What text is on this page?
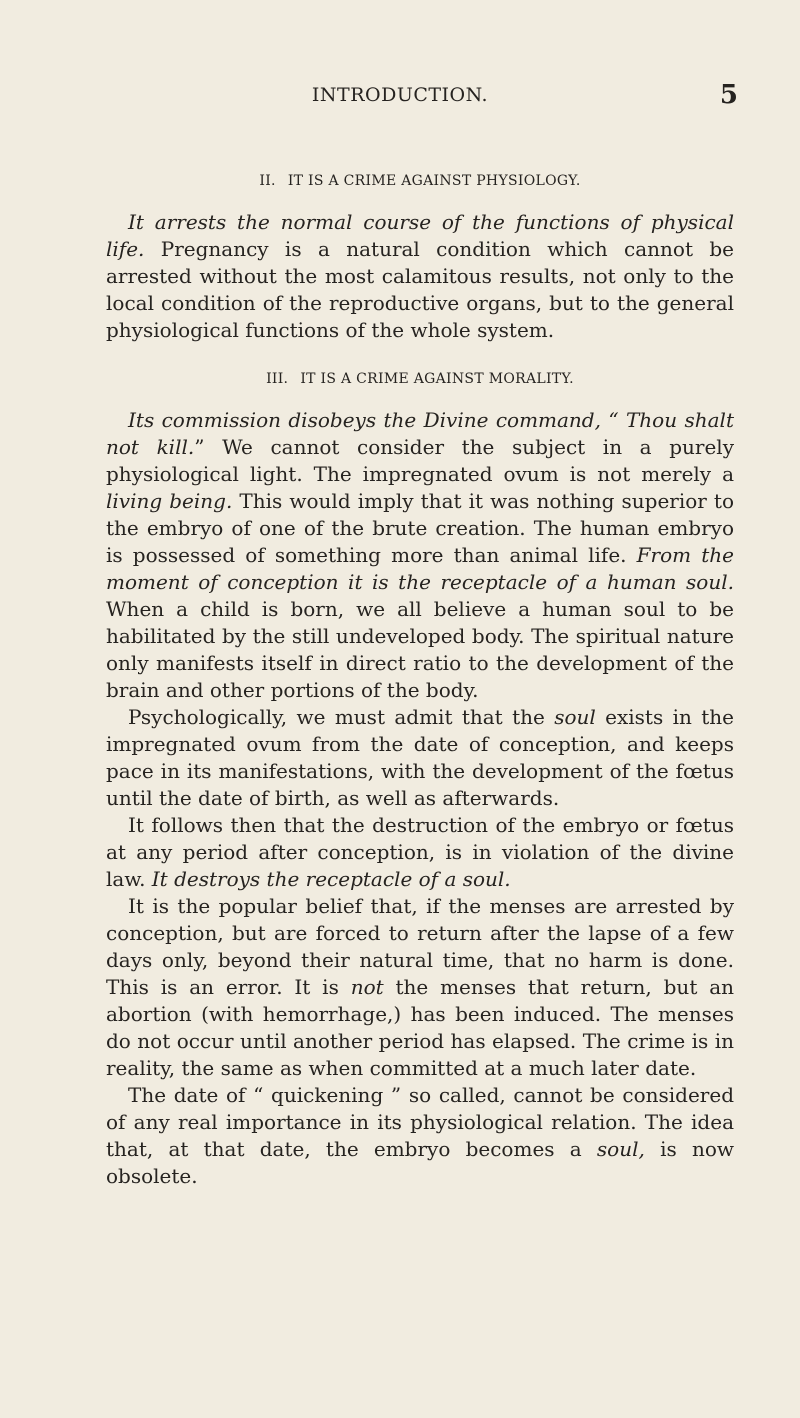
INTRODUCTION.	5
II. IT IS A CRIME AGAINST PHYSIOLOGY.

It arrests the normal course of the functions of physical life. Pregnancy is a natural condition which cannot be arrested without the most calamitous results, not only to the local condition of the reproductive organs, but to the general physiological functions of the whole system.

III. IT IS A CRIME AGAINST MORALITY.

Its commission disobeys the Divine command, “ Thou shalt not kill.” We cannot consider the subject in a purely physiological light. The impregnated ovum is not merely a living being. This would imply that it was nothing superior to the embryo of one of the brute creation. The human embryo is possessed of something more than animal life. From the moment of conception it is the receptacle of a human soul. When a child is born, we all believe a human soul to be habilitated by the still undeveloped body. The spiritual nature only manifests itself in direct ratio to the development of the brain and other portions of the body.

Psychologically, we must admit that the soul exists in the impregnated ovum from the date of conception, and keeps pace in its manifestations, with the development of the fœtus until the date of birth, as well as afterwards.

It follows then that the destruction of the embryo or fœtus at any period after conception, is in violation of the divine law. It destroys the receptacle of a soul.

It is the popular belief that, if the menses are arrested by conception, but are forced to return after the lapse of a few days only, beyond their natural time, that no harm is done. This is an error. It is not the menses that return, but an abortion (with hemorrhage,) has been induced. The menses do not occur until another period has elapsed. The crime is in reality, the same as when committed at a much later date.

The date of “ quickening ” so called, cannot be considered of any real importance in its physiological relation. The idea that, at that date, the embryo becomes a soul, is now obsolete.
